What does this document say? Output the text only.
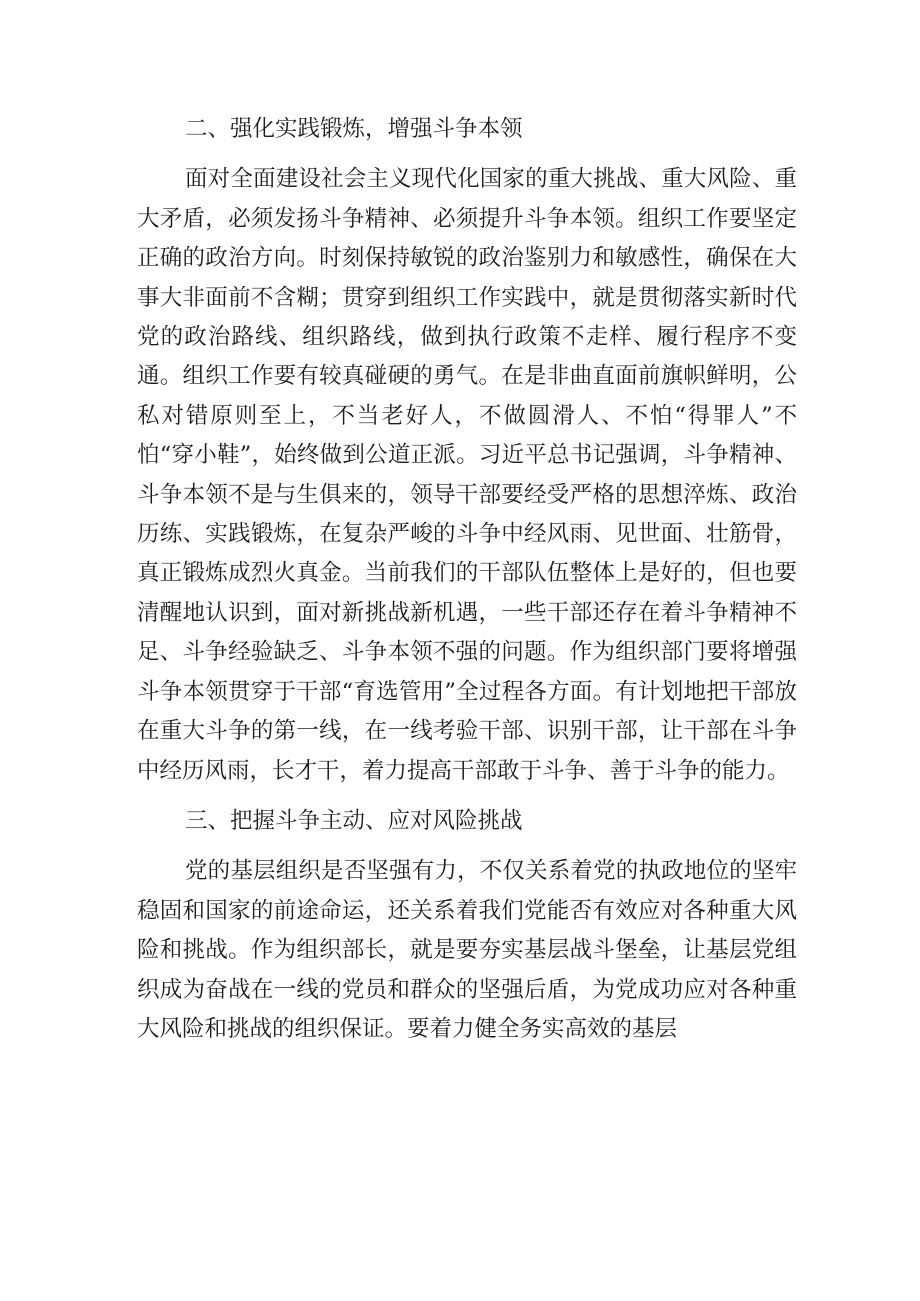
二、强化实践锻炼，增强斗争本领

面对全面建设社会主义现代化国家的重大挑战、重大风险、重大矛盾，必须发扬斗争精神、必须提升斗争本领。组织工作要坚定正确的政治方向。时刻保持敏锐的政治鉴别力和敏感性，确保在大事大非面前不含糊；贯穿到组织工作实践中，就是贯彻落实新时代党的政治路线、组织路线，做到执行政策不走样、履行程序不变通。组织工作要有较真碰硬的勇气。在是非曲直面前旗帜鲜明，公私对错原则至上，不当老好人，不做圆滑人、不怕“得罪人”不怕“穿小鞋”，始终做到公道正派。习近平总书记强调，斗争精神、斗争本领不是与生俱来的，领导干部要经受严格的思想淬炼、政治历练、实践锻炼，在复杂严峻的斗争中经风雨、见世面、壮筋骨，真正锻炼成烈火真金。当前我们的干部队伍整体上是好的，但也要清醒地认识到，面对新挑战新机遇，一些干部还存在着斗争精神不足、斗争经验缺乏、斗争本领不强的问题。作为组织部门要将增强斗争本领贯穿于干部“育选管用”全过程各方面。有计划地把干部放在重大斗争的第一线，在一线考验干部、识别干部，让干部在斗争中经历风雨，长才干，着力提高干部敢于斗争、善于斗争的能力。

三、把握斗争主动、应对风险挑战

党的基层组织是否坚强有力，不仅关系着党的执政地位的坚牢稳固和国家的前途命运，还关系着我们党能否有效应对各种重大风险和挑战。作为组织部长，就是要夯实基层战斗堡垒，让基层党组织成为奋战在一线的党员和群众的坚强后盾，为党成功应对各种重大风险和挑战的组织保证。要着力健全务实高效的基层
